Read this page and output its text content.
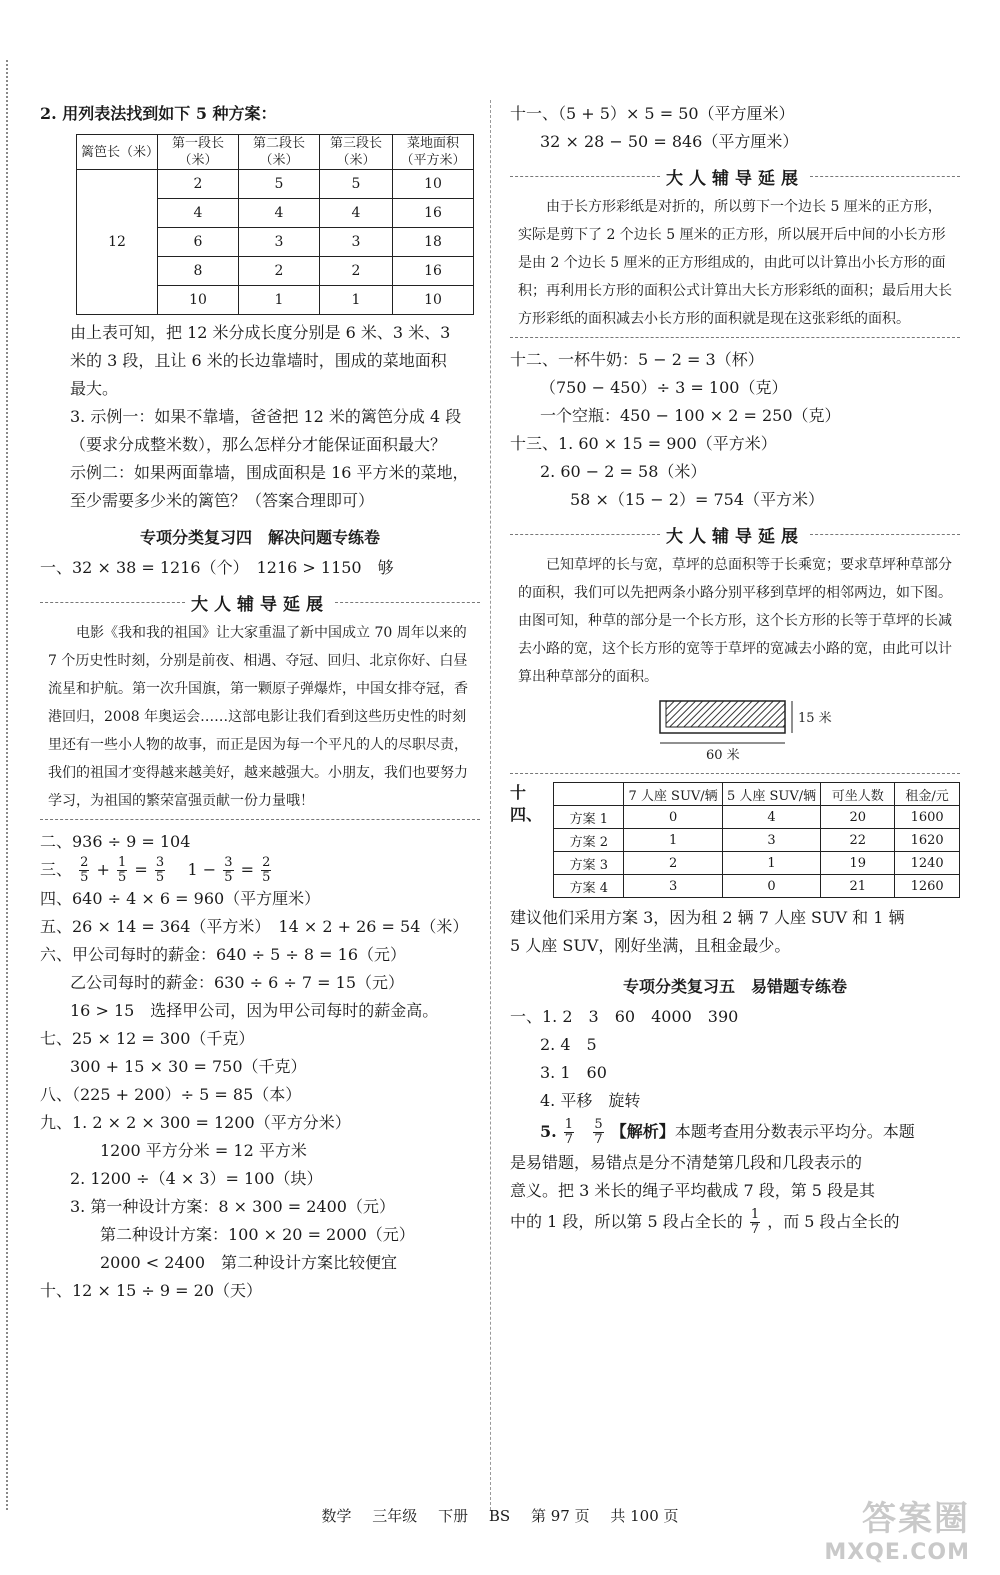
2. 用列表法找到如下 5 种方案：

篱笆长（米）	第一段长（米）	第二段长（米）	第三段长（米）	菜地面积（平方米）
12	2	5	5	10
	4	4	4	16
	6	3	3	18
	8	2	2	16
	10	1	1	10

由上表可知，把 12 米分成长度分别是 6 米、3 米、3

米的 3 段，且让 6 米的长边靠墙时，围成的菜地面积

最大。

3. 示例一：如果不靠墙，爸爸把 12 米的篱笆分成 4 段

（要求分成整米数），那么怎样分才能保证面积最大？

示例二：如果两面靠墙，围成面积是 16 平方米的菜地，

至少需要多少米的篱笆？（答案合理即可）

专项分类复习四　解决问题专练卷

一、32 × 38 = 1216（个）　1216 > 1150　够

大人辅导延展
电影《我和我的祖国》让大家重温了新中国成立 70 周年以来的 7 个历史性时刻，分别是前夜、相遇、夺冠、回归、北京你好、白昼流星和护航。第一次升国旗，第一颗原子弹爆炸，中国女排夺冠，香港回归，2008 年奥运会……这部电影让我们看到这些历史性的时刻里还有一些小人物的故事，而正是因为每一个平凡的人的尽职尽责，我们的祖国才变得越来越美好，越来越强大。小朋友，我们也要努力学习，为祖国的繁荣富强贡献一份力量哦！

二、936 ÷ 9 = 104

三、 $\frac{2}{5} + \frac{1}{5} = \frac{3}{5} 1 - \frac{3}{5} = \frac{2}{5}$

四、640 ÷ 4 × 6 = 960（平方厘米）

五、26 × 14 = 364（平方米）　14 × 2 + 26 = 54（米）

六、甲公司每时的薪金：640 ÷ 5 ÷ 8 = 16（元）

乙公司每时的薪金：630 ÷ 6 ÷ 7 = 15（元）

16 > 15　选择甲公司，因为甲公司每时的薪金高。

七、25 × 12 = 300（千克）

300 + 15 × 30 = 750（千克）

八、（225 + 200）÷ 5 = 85（本）

九、1. 2 × 2 × 300 = 1200（平方分米）

1200 平方分米 = 12 平方米

2. 1200 ÷（4 × 3）= 100（块）

3. 第一种设计方案：8 × 300 = 2400（元）

第二种设计方案：100 × 20 = 2000（元）

2000 < 2400　第二种设计方案比较便宜

十、12 × 15 ÷ 9 = 20（天）

十一、（5 + 5）× 5 = 50（平方厘米）

32 × 28 − 50 = 846（平方厘米）

大人辅导延展
由于长方形彩纸是对折的，所以剪下一个边长 5 厘米的正方形，实际是剪下了 2 个边长 5 厘米的正方形，所以展开后中间的小长方形是由 2 个边长 5 厘米的正方形组成的，由此可以计算出小长方形的面积；再利用长方形的面积公式计算出大长方形彩纸的面积；最后用大长方形彩纸的面积减去小长方形的面积就是现在这张彩纸的面积。

十二、一杯牛奶：5 − 2 = 3（杯）

（750 − 450）÷ 3 = 100（克）

一个空瓶：450 − 100 × 2 = 250（克）

十三、1. 60 × 15 = 900（平方米）

2. 60 − 2 = 58（米）

58 ×（15 − 2）= 754（平方米）

大人辅导延展
已知草坪的长与宽，草坪的总面积等于长乘宽；要求草坪种草部分的面积，我们可以先把两条小路分别平移到草坪的相邻两边，如下图。由图可知，种草的部分是一个长方形，这个长方形的长等于草坪的长减去小路的宽，这个长方形的宽等于草坪的宽减去小路的宽，由此可以计算出种草部分的面积。
15 米
60 米
十四、
	7 人座 SUV/辆	5 人座 SUV/辆	可坐人数	租金/元
方案 1	0	4	20	1600
方案 2	1	3	22	1620
方案 3	2	1	19	1240
方案 4	3	0	21	1260

建议他们采用方案 3，因为租 2 辆 7 人座 SUV 和 1 辆

5 人座 SUV，刚好坐满，且租金最少。

专项分类复习五　易错题专练卷

一、1. 2　3　60　4000　390

2. 4　5

3. 1　60

4. 平移　旋转

5. $\frac{1}{7}$
$\frac{5}{7}$ 【解析】本题考查用分数表示平均分。本题

是易错题，易错点是分不清楚第几段和几段表示的

意义。把 3 米长的绳子平均截成 7 段，第 5 段是其

中的 1 段，所以第 5 段占全长的 $\frac{1}{7}$ ，而 5 段占全长的

数学 三年级 下册 BS 第 97 页 共 100 页	答案圈
MXQE.COM
